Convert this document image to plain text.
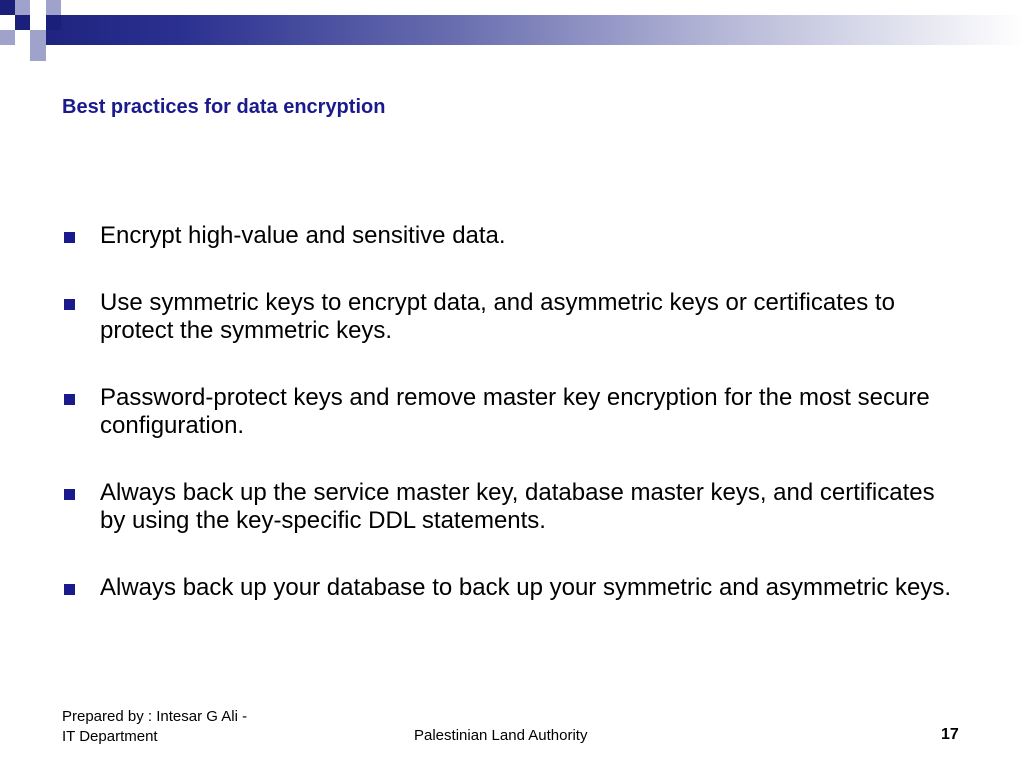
Best practices for data encryption
Encrypt high-value and sensitive data.
Use symmetric keys to encrypt data, and asymmetric keys or certificates to protect the symmetric keys.
Password-protect keys and remove master key encryption for the most secure configuration.
Always back up the service master key, database master keys, and certificates by using the key-specific DDL statements.
Always back up your database to back up your symmetric and asymmetric keys.
Prepared by : Intesar G Ali -
IT Department	Palestinian Land Authority	17
